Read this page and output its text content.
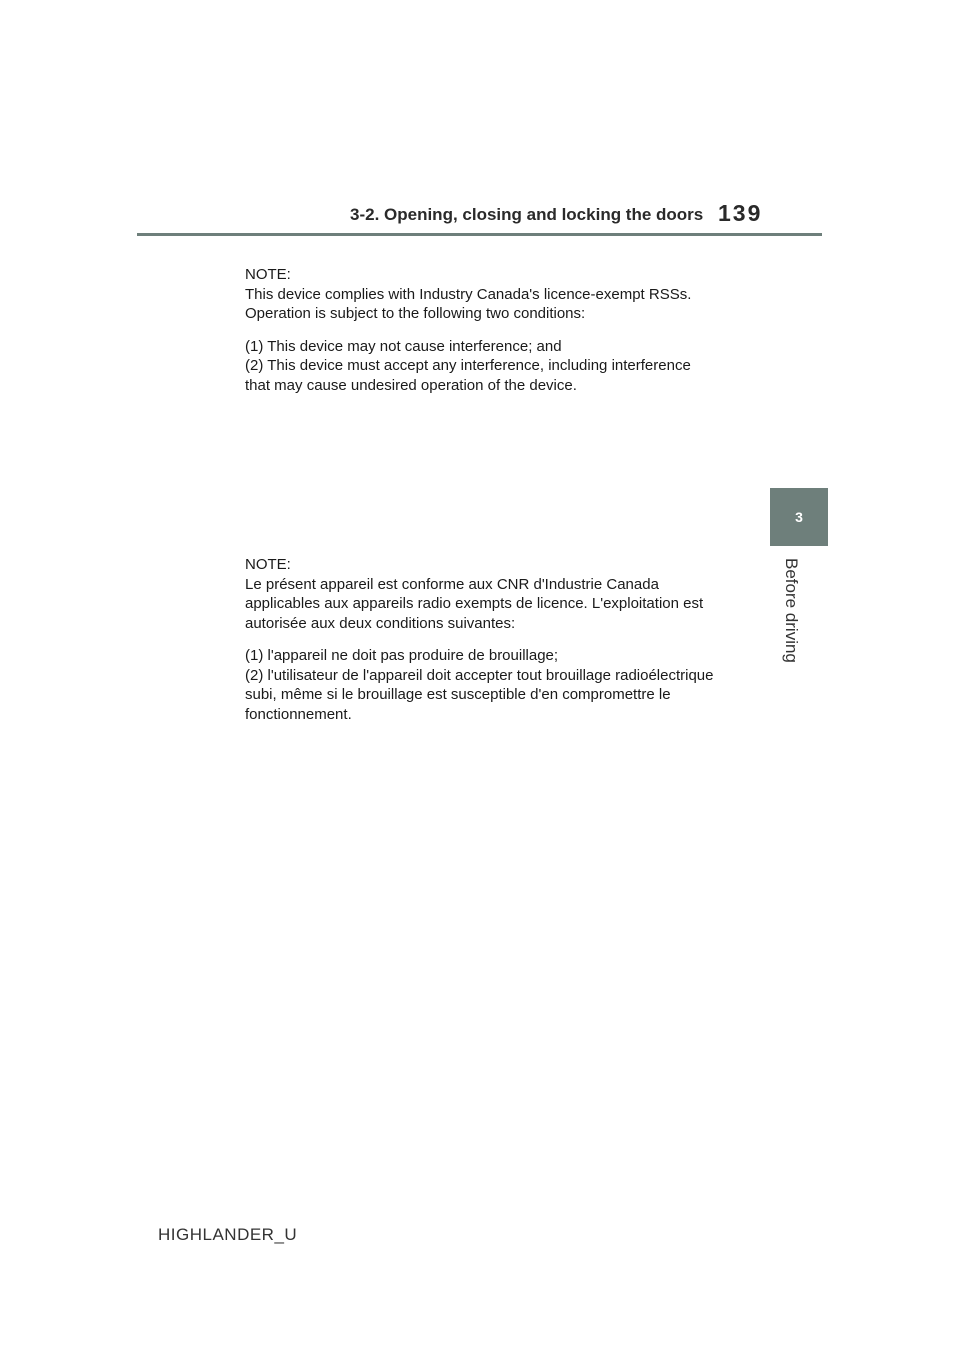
3-2. Opening, closing and locking the doors 139
3
Before driving
NOTE:
This device complies with Industry Canada's licence-exempt RSSs.
Operation is subject to the following two conditions:
(1) This device may not cause interference; and
(2) This device must accept any interference, including interference
that may cause undesired operation of the device.
NOTE:
Le présent appareil est conforme aux CNR d'Industrie Canada
applicables aux appareils radio exempts de licence. L'exploitation est
autorisée aux deux conditions suivantes:
(1) l'appareil ne doit pas produire de brouillage;
(2) l'utilisateur de l'appareil doit accepter tout brouillage radioélectrique
subi, même si le brouillage est susceptible d'en compromettre le
fonctionnement.
HIGHLANDER_U
